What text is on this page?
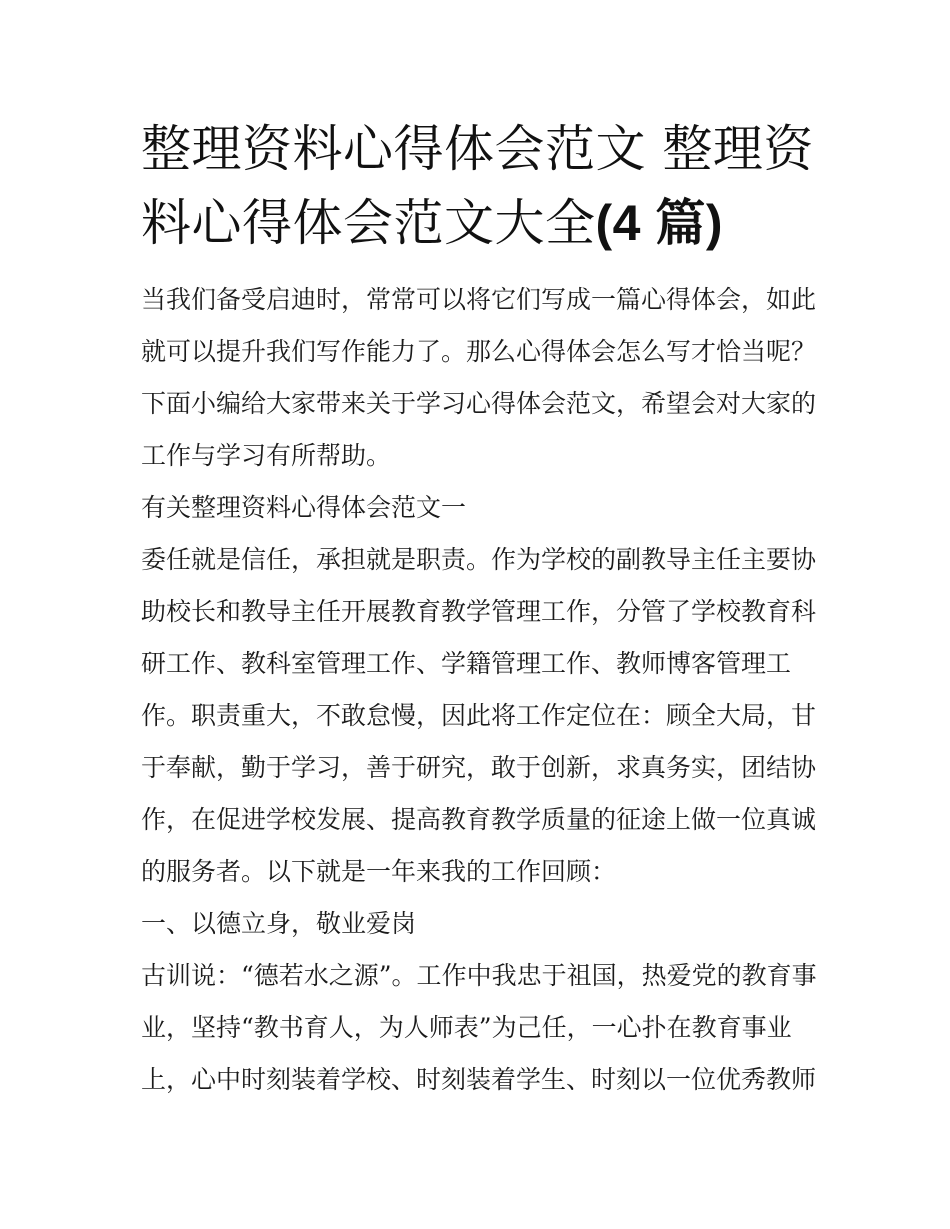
整理资料心得体会范文 整理资
料心得体会范文大全(4 篇)
当我们备受启迪时，常常可以将它们写成一篇心得体会，如此
就可以提升我们写作能力了。那么心得体会怎么写才恰当呢？
下面小编给大家带来关于学习心得体会范文，希望会对大家的
工作与学习有所帮助。
有关整理资料心得体会范文一
委任就是信任，承担就是职责。作为学校的副教导主任主要协
助校长和教导主任开展教育教学管理工作，分管了学校教育科
研工作、教科室管理工作、学籍管理工作、教师博客管理工
作。职责重大，不敢怠慢，因此将工作定位在：顾全大局，甘
于奉献，勤于学习，善于研究，敢于创新，求真务实，团结协
作，在促进学校发展、提高教育教学质量的征途上做一位真诚
的服务者。以下就是一年来我的工作回顾：
一、以德立身，敬业爱岗
古训说：“德若水之源”。工作中我忠于祖国，热爱党的教育事
业，坚持“教书育人，为人师表”为己任，一心扑在教育事业
上，心中时刻装着学校、时刻装着学生、时刻以一位优秀教师
